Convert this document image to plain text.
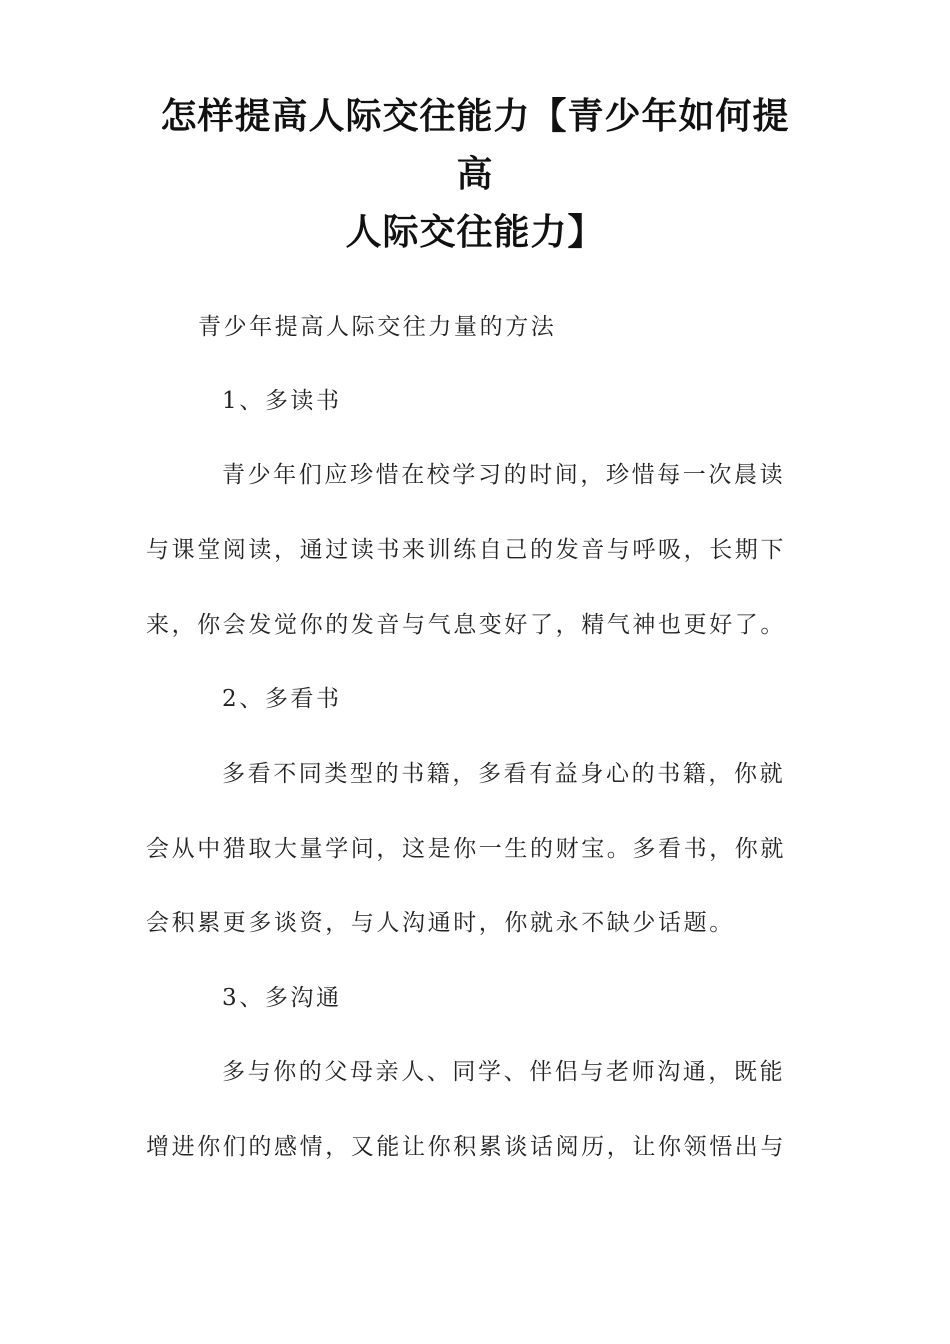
怎样提高人际交往能力【青少年如何提高
人际交往能力】
青少年提高人际交往力量的方法
1、多读书
青少年们应珍惜在校学习的时间，珍惜每一次晨读
与课堂阅读，通过读书来训练自己的发音与呼吸，长期下
来，你会发觉你的发音与气息变好了，精气神也更好了。
2、多看书
多看不同类型的书籍，多看有益身心的书籍，你就
会从中猎取大量学问，这是你一生的财宝。多看书，你就
会积累更多谈资，与人沟通时，你就永不缺少话题。
3、多沟通
多与你的父母亲人、同学、伴侣与老师沟通，既能
增进你们的感情，又能让你积累谈话阅历，让你领悟出与
